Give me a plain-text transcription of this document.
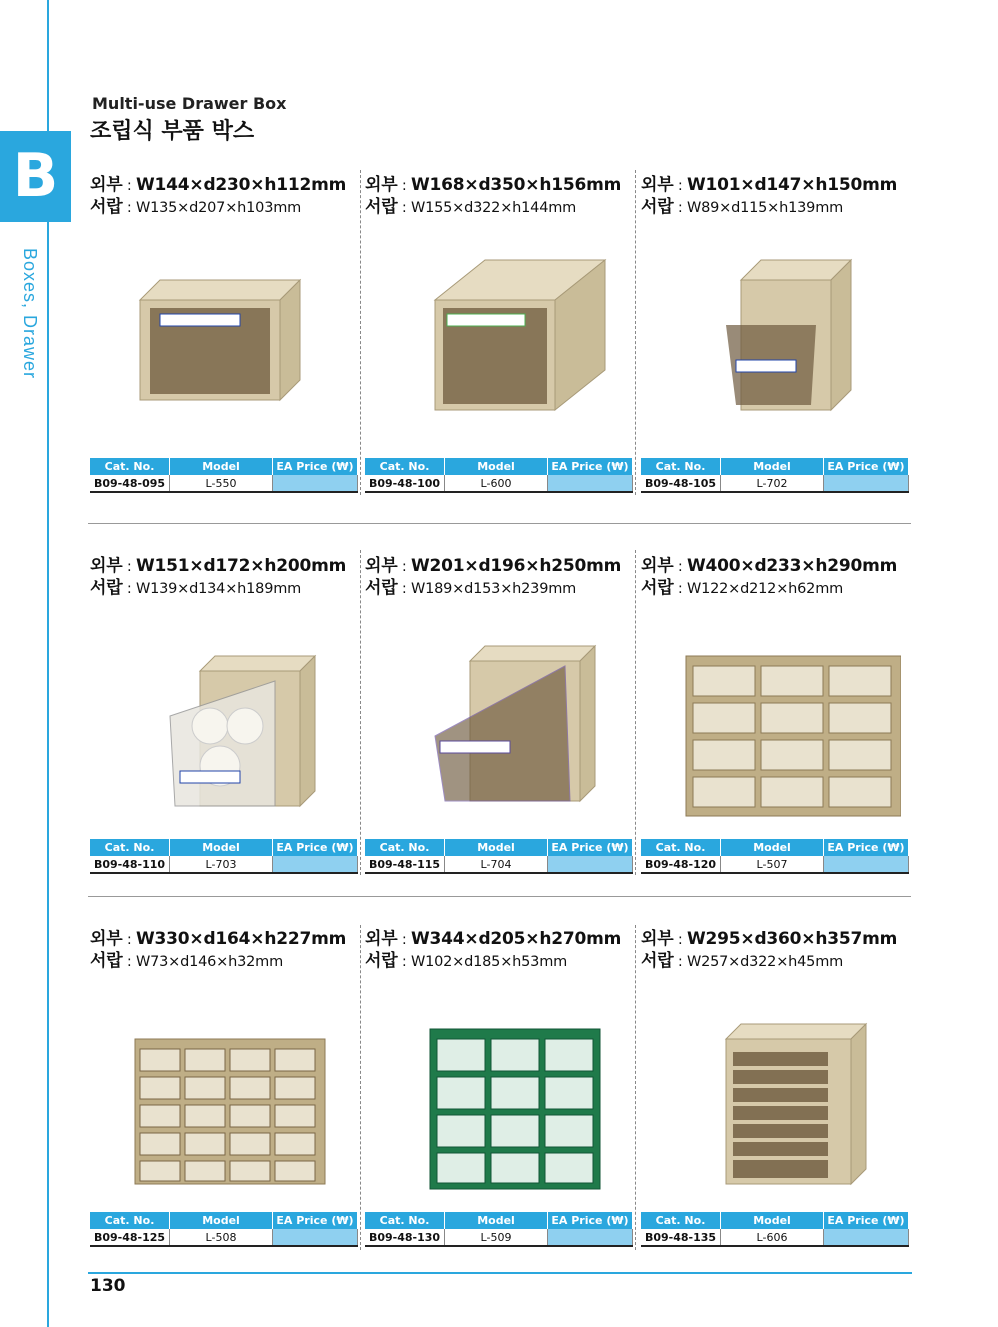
B
Boxes, Drawer
Multi-use Drawer Box
조립식 부품 박스
외부 : W144×d230×h112mm
서랍 : W135×d207×h103mm
Cat. No.	Model	EA Price (₩)
B09-48-095	L-550	
외부 : W168×d350×h156mm
서랍 : W155×d322×h144mm
Cat. No.	Model	EA Price (₩)
B09-48-100	L-600	
외부 : W101×d147×h150mm
서랍 : W89×d115×h139mm
Cat. No.	Model	EA Price (₩)
B09-48-105	L-702	
외부 : W151×d172×h200mm
서랍 : W139×d134×h189mm
Cat. No.	Model	EA Price (₩)
B09-48-110	L-703	
외부 : W201×d196×h250mm
서랍 : W189×d153×h239mm
Cat. No.	Model	EA Price (₩)
B09-48-115	L-704	
외부 : W400×d233×h290mm
서랍 : W122×d212×h62mm
Cat. No.	Model	EA Price (₩)
B09-48-120	L-507	
외부 : W330×d164×h227mm
서랍 : W73×d146×h32mm
Cat. No.	Model	EA Price (₩)
B09-48-125	L-508	
외부 : W344×d205×h270mm
서랍 : W102×d185×h53mm
Cat. No.	Model	EA Price (₩)
B09-48-130	L-509	
외부 : W295×d360×h357mm
서랍 : W257×d322×h45mm
Cat. No.	Model	EA Price (₩)
B09-48-135	L-606	
130
